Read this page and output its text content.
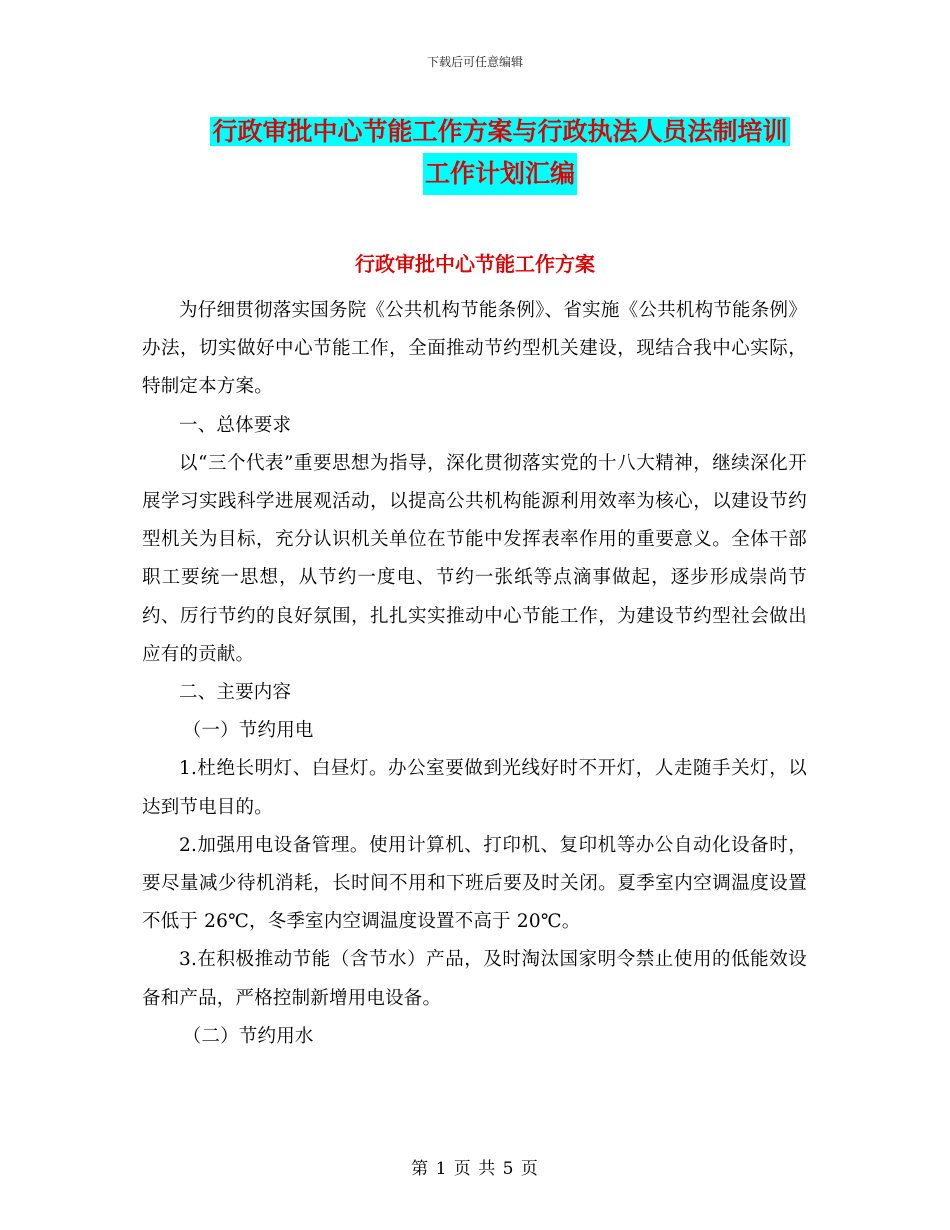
下载后可任意编辑
行政审批中心节能工作方案与行政执法人员法制培训
工作计划汇编
行政审批中心节能工作方案

为仔细贯彻落实国务院《公共机构节能条例》、省实施《公共机构节能条例》办法，切实做好中心节能工作，全面推动节约型机关建设，现结合我中心实际，特制定本方案。

一、总体要求

以“三个代表”重要思想为指导，深化贯彻落实党的十八大精神，继续深化开展学习实践科学进展观活动，以提高公共机构能源利用效率为核心，以建设节约型机关为目标，充分认识机关单位在节能中发挥表率作用的重要意义。全体干部职工要统一思想，从节约一度电、节约一张纸等点滴事做起，逐步形成崇尚节约、厉行节约的良好氛围，扎扎实实推动中心节能工作，为建设节约型社会做出应有的贡献。

二、主要内容

（一）节约用电

1.杜绝长明灯、白昼灯。办公室要做到光线好时不开灯，人走随手关灯，以达到节电目的。

2.加强用电设备管理。使用计算机、打印机、复印机等办公自动化设备时，要尽量减少待机消耗，长时间不用和下班后要及时关闭。夏季室内空调温度设置不低于 26℃，冬季室内空调温度设置不高于 20℃。

3.在积极推动节能（含节水）产品，及时淘汰国家明令禁止使用的低能效设备和产品，严格控制新增用电设备。

（二）节约用水

第 1 页 共 5 页
